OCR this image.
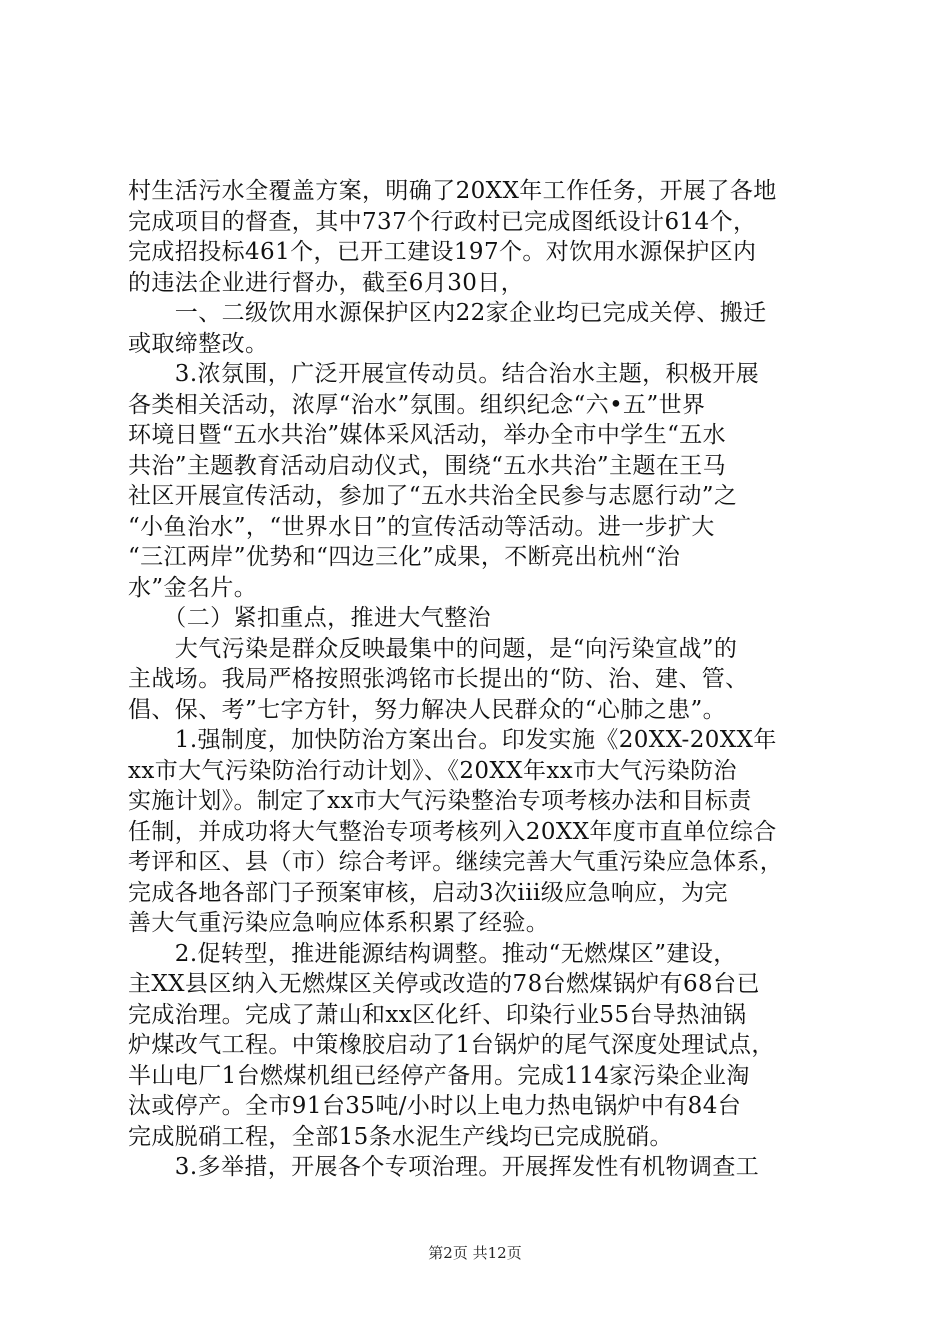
村生活污水全覆盖方案，明确了20XX年工作任务，开展了各地
完成项目的督查，其中737个行政村已完成图纸设计614个，
完成招投标461个，已开工建设197个。对饮用水源保护区内
的违法企业进行督办，截至6月30日，
　　一、二级饮用水源保护区内22家企业均已完成关停、搬迁
或取缔整改。
　　3.浓氛围，广泛开展宣传动员。结合治水主题，积极开展
各类相关活动，浓厚“治水”氛围。组织纪念“六•五”世界
环境日暨“五水共治”媒体采风活动，举办全市中学生“五水
共治”主题教育活动启动仪式，围绕“五水共治”主题在王马
社区开展宣传活动，参加了“五水共治全民参与志愿行动”之
“小鱼治水”，“世界水日”的宣传活动等活动。进一步扩大
“三江两岸”优势和“四边三化”成果，不断亮出杭州“治
水”金名片。
　　（二）紧扣重点，推进大气整治
　　大气污染是群众反映最集中的问题，是“向污染宣战”的
主战场。我局严格按照张鸿铭市长提出的“防、治、建、管、
倡、保、考”七字方针，努力解决人民群众的“心肺之患”。
　　1.强制度，加快防治方案出台。印发实施《20XX-20XX年
xx市大气污染防治行动计划》、《20XX年xx市大气污染防治
实施计划》。制定了xx市大气污染整治专项考核办法和目标责
任制，并成功将大气整治专项考核列入20XX年度市直单位综合
考评和区、县（市）综合考评。继续完善大气重污染应急体系，
完成各地各部门子预案审核，启动3次iii级应急响应，为完
善大气重污染应急响应体系积累了经验。
　　2.促转型，推进能源结构调整。推动“无燃煤区”建设，
主XX县区纳入无燃煤区关停或改造的78台燃煤锅炉有68台已
完成治理。完成了萧山和xx区化纤、印染行业55台导热油锅
炉煤改气工程。中策橡胶启动了1台锅炉的尾气深度处理试点，
半山电厂1台燃煤机组已经停产备用。完成114家污染企业淘
汰或停产。全市91台35吨/小时以上电力热电锅炉中有84台
完成脱硝工程，全部15条水泥生产线均已完成脱硝。
　　3.多举措，开展各个专项治理。开展挥发性有机物调查工
第2页 共12页
